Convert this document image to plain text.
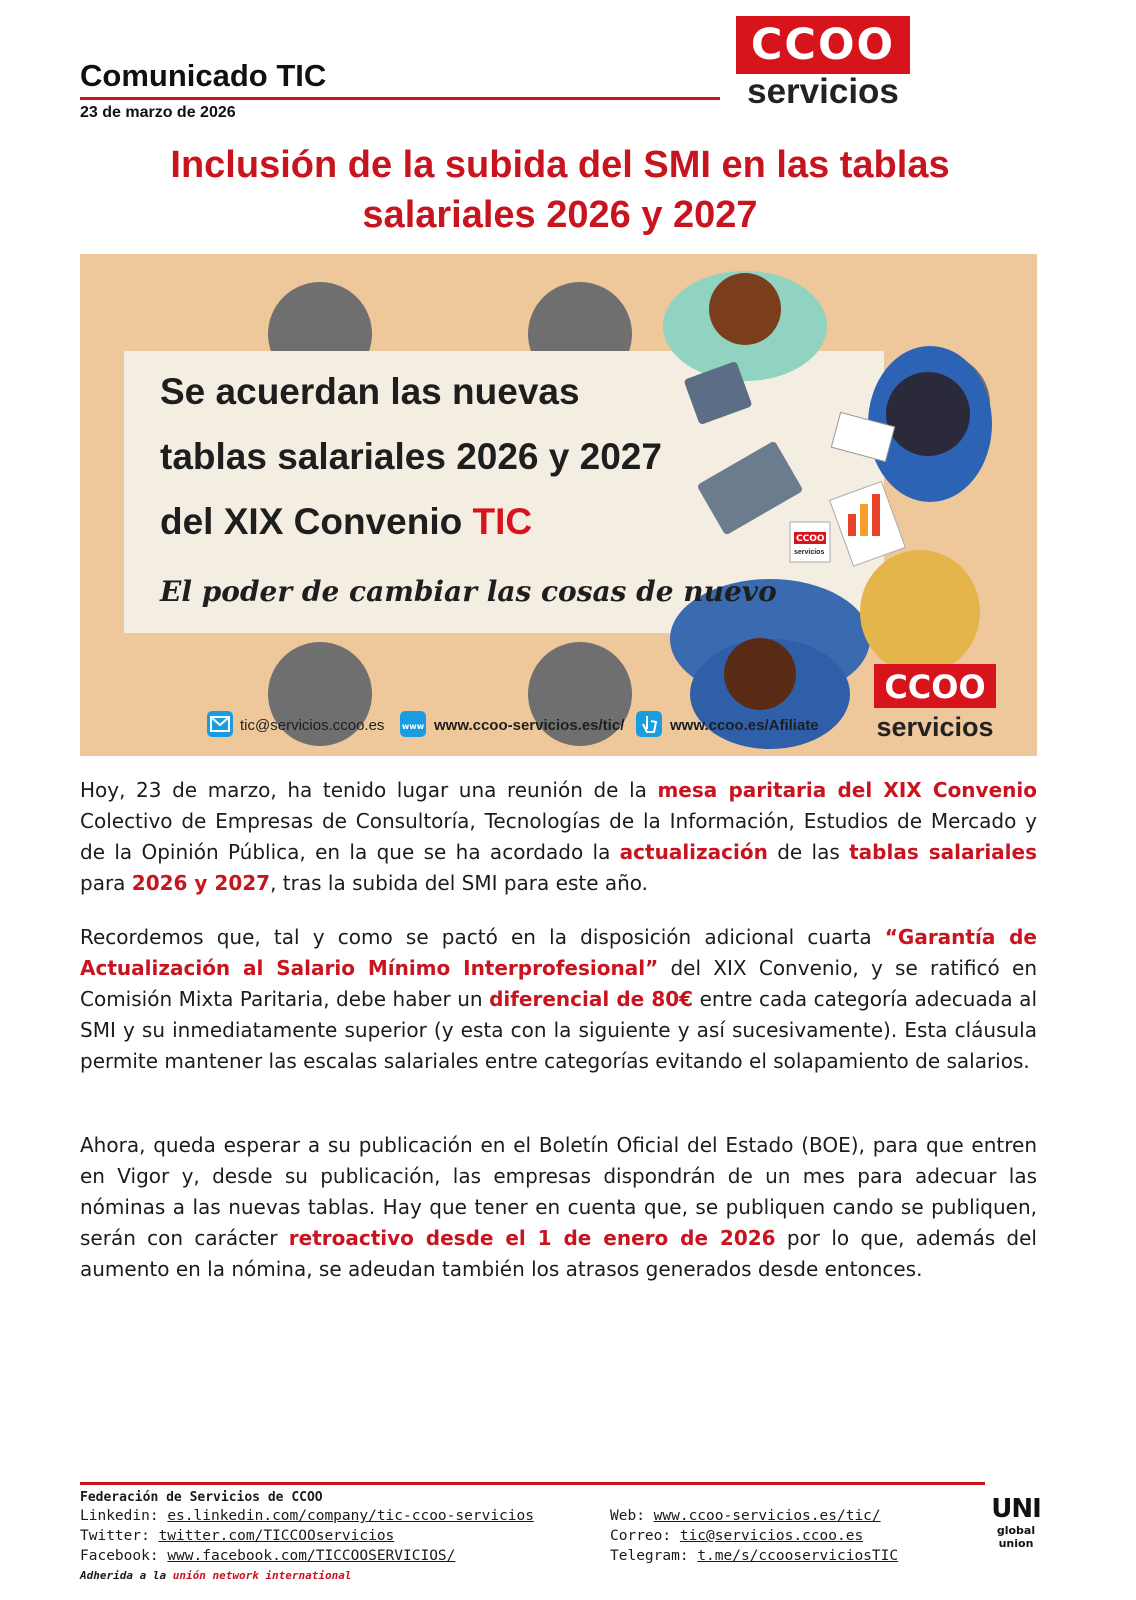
Comunicado TIC
23 de marzo de 2026
CCOO
servicios
Inclusión de la subida del SMI en las tablas
salariales 2026 y 2027
Se acuerdan las nuevas
tablas salariales 2026 y 2027
del XIX Convenio TIC
El poder de cambiar las cosas de nuevo
CCOO
servicios
CCOO
servicios
tic@servicios.ccoo.es www www.ccoo-servicios.es/tic/	www.ccoo.es/Afiliate

Hoy, 23 de marzo, ha tenido lugar una reunión de la mesa paritaria del XIX Convenio Colectivo de Empresas de Consultoría, Tecnologías de la Información, Estudios de Mercado y de la Opinión Pública, en la que se ha acordado la actualización de las tablas salariales para 2026 y 2027, tras la subida del SMI para este año.

Recordemos que, tal y como se pactó en la disposición adicional cuarta “Garantía de Actualización al Salario Mínimo Interprofesional” del XIX Convenio, y se ratificó en Comisión Mixta Paritaria, debe haber un diferencial de 80€ entre cada categoría adecuada al SMI y su inmediatamente superior (y esta con la siguiente y así sucesivamente). Esta cláusula permite mantener las escalas salariales entre categorías evitando el solapamiento de salarios.

Ahora, queda esperar a su publicación en el Boletín Oficial del Estado (BOE), para que entren en Vigor y, desde su publicación, las empresas dispondrán de un mes para adecuar las nóminas a las nuevas tablas. Hay que tener en cuenta que, se publiquen cando se publiquen, serán con carácter retroactivo desde el 1 de enero de 2026 por lo que, además del aumento en la nómina, se adeudan también los atrasos generados desde entonces.

Federación de Servicios de CCOO
Linkedin: es.linkedin.com/company/tic-ccoo-servicios
Twitter: twitter.com/TICCOOservicios
Facebook: www.facebook.com/TICCOOSERVICIOS/
Adherida a la unión network international
Web: www.ccoo-servicios.es/tic/
Correo: tic@servicios.ccoo.es
Telegram: t.me/s/ccooserviciosTIC
UNI
global
union
